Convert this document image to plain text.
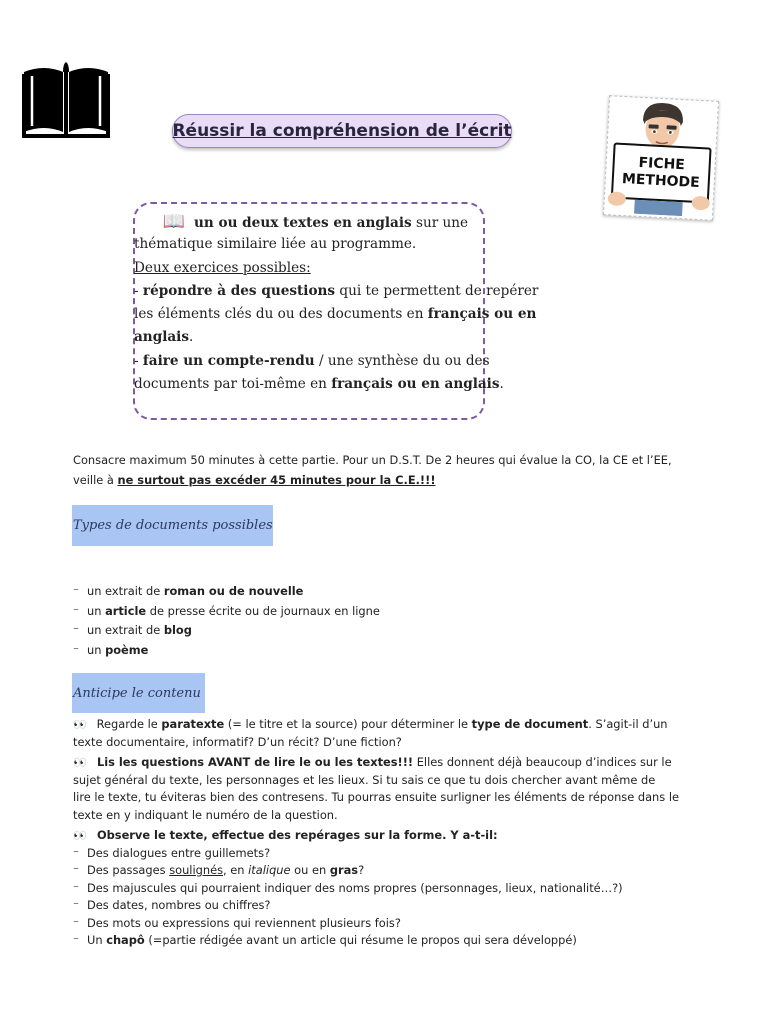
Réussir la compréhension de l’écrit
FICHE
METHODE
📖 un ou deux textes en anglais sur une
thématique similaire liée au programme.
Deux exercices possibles:
- répondre à des questions qui te permettent de repérer
les éléments clés du ou des documents en français ou en
anglais.
- faire un compte-rendu / une synthèse du ou des
documents par toi-même en français ou en anglais.
Consacre maximum 50 minutes à cette partie. Pour un D.S.T. De 2 heures qui évalue la CO, la CE et l’EE,
veille à ne surtout pas excéder 45 minutes pour la C.E.!!!
Types de documents possibles
⁻ un extrait de roman ou de nouvelle
⁻ un article de presse écrite ou de journaux en ligne
⁻ un extrait de blog
⁻ un poème
Anticipe le contenu
👀 Regarde le paratexte (= le titre et la source) pour déterminer le type de document. S’agit-il d’un
texte documentaire, informatif? D’un récit? D’une fiction?
👀 Lis les questions AVANT de lire le ou les textes!!! Elles donnent déjà beaucoup d’indices sur le
sujet général du texte, les personnages et les lieux. Si tu sais ce que tu dois chercher avant même de
lire le texte, tu éviteras bien des contresens. Tu pourras ensuite surligner les éléments de réponse dans le
texte en y indiquant le numéro de la question.
👀 Observe le texte, effectue des repérages sur la forme. Y a-t-il:
⁻ Des dialogues entre guillemets?
⁻ Des passages soulignés, en italique ou en gras?
⁻ Des majuscules qui pourraient indiquer des noms propres (personnages, lieux, nationalité…?)
⁻ Des dates, nombres ou chiffres?
⁻ Des mots ou expressions qui reviennent plusieurs fois?
⁻ Un chapô (=partie rédigée avant un article qui résume le propos qui sera développé)
